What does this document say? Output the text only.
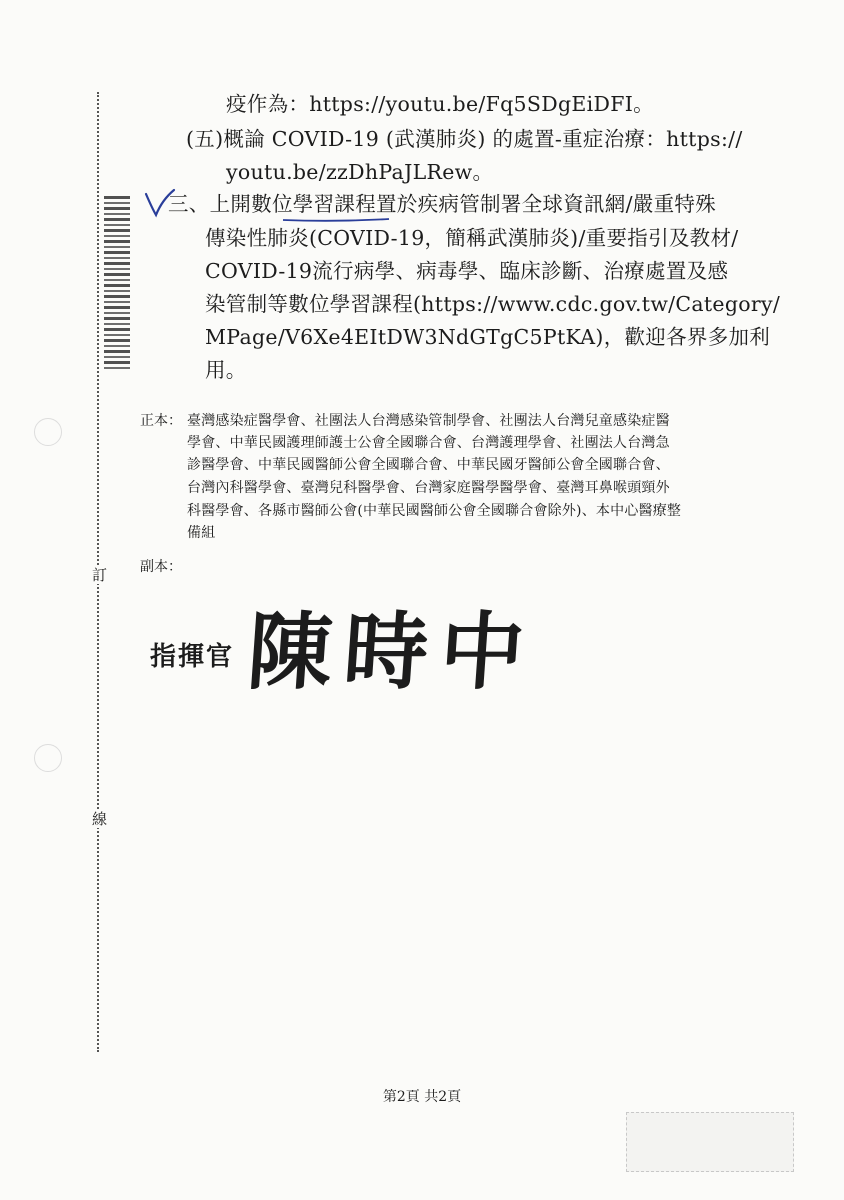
訂
線
疫作為：https://youtu.be/Fq5SDgEiDFI。
(五)概論 COVID-19 (武漢肺炎) 的處置-重症治療：https://
youtu.be/zzDhPaJLRew。
三、上開數位學習課程置於疾病管制署全球資訊網/嚴重特殊
傳染性肺炎(COVID-19，簡稱武漢肺炎)/重要指引及教材/
COVID-19流行病學、病毒學、臨床診斷、治療處置及感
染管制等數位學習課程(https://www.cdc.gov.tw/Category/
MPage/V6Xe4EItDW3NdGTgC5PtKA)，歡迎各界多加利
用。
正本： 臺灣感染症醫學會、社團法人台灣感染管制學會、社團法人台灣兒童感染症醫
學會、中華民國護理師護士公會全國聯合會、台灣護理學會、社團法人台灣急
診醫學會、中華民國醫師公會全國聯合會、中華民國牙醫師公會全國聯合會、
台灣內科醫學會、臺灣兒科醫學會、台灣家庭醫學醫學會、臺灣耳鼻喉頭頸外
科醫學會、各縣市醫師公會(中華民國醫師公會全國聯合會除外)、本中心醫療整
備組
副本：
指揮官 陳時中
第2頁 共2頁
